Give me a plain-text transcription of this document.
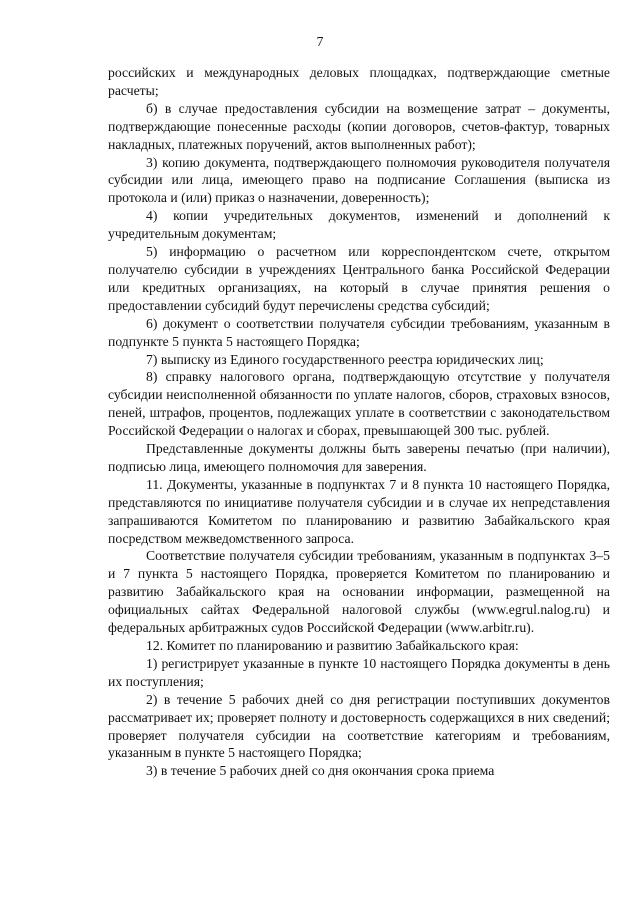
7

российских и международных деловых площадках, подтверждающие сметные расчеты;

б) в случае предоставления субсидии на возмещение затрат – документы, подтверждающие понесенные расходы (копии договоров, счетов-фактур, товарных накладных, платежных поручений, актов выполненных работ);

3) копию документа, подтверждающего полномочия руководителя получателя субсидии или лица, имеющего право на подписание Соглашения (выписка из протокола и (или) приказ о назначении, доверенность);

4) копии учредительных документов, изменений и дополнений к учредительным документам;

5) информацию о расчетном или корреспондентском счете, открытом получателю субсидии в учреждениях Центрального банка Российской Федерации или кредитных организациях, на который в случае принятия решения о предоставлении субсидий будут перечислены средства субсидий;

6) документ о соответствии получателя субсидии требованиям, указанным в подпункте 5 пункта 5 настоящего Порядка;

7) выписку из Единого государственного реестра юридических лиц;

8) справку налогового органа, подтверждающую отсутствие у получателя субсидии неисполненной обязанности по уплате налогов, сборов, страховых взносов, пеней, штрафов, процентов, подлежащих уплате в соответствии с законодательством Российской Федерации о налогах и сборах, превышающей 300 тыс. рублей.

Представленные документы должны быть заверены печатью (при наличии), подписью лица, имеющего полномочия для заверения.

11. Документы, указанные в подпунктах 7 и 8 пункта 10 настоящего Порядка, представляются по инициативе получателя субсидии и в случае их непредставления запрашиваются Комитетом по планированию и развитию Забайкальского края посредством межведомственного запроса.

Соответствие получателя субсидии требованиям, указанным в подпунктах 3–5 и 7 пункта 5 настоящего Порядка, проверяется Комитетом по планированию и развитию Забайкальского края на основании информации, размещенной на официальных сайтах Федеральной налоговой службы (www.egrul.nalog.ru) и федеральных арбитражных судов Российской Федерации (www.arbitr.ru).

12. Комитет по планированию и развитию Забайкальского края:

1) регистрирует указанные в пункте 10 настоящего Порядка документы в день их поступления;

2) в течение 5 рабочих дней со дня регистрации поступивших документов рассматривает их; проверяет полноту и достоверность содержащихся в них сведений; проверяет получателя субсидии на соответствие категориям и требованиям, указанным в пункте 5 настоящего Порядка;

3) в течение 5 рабочих дней со дня окончания срока приема
